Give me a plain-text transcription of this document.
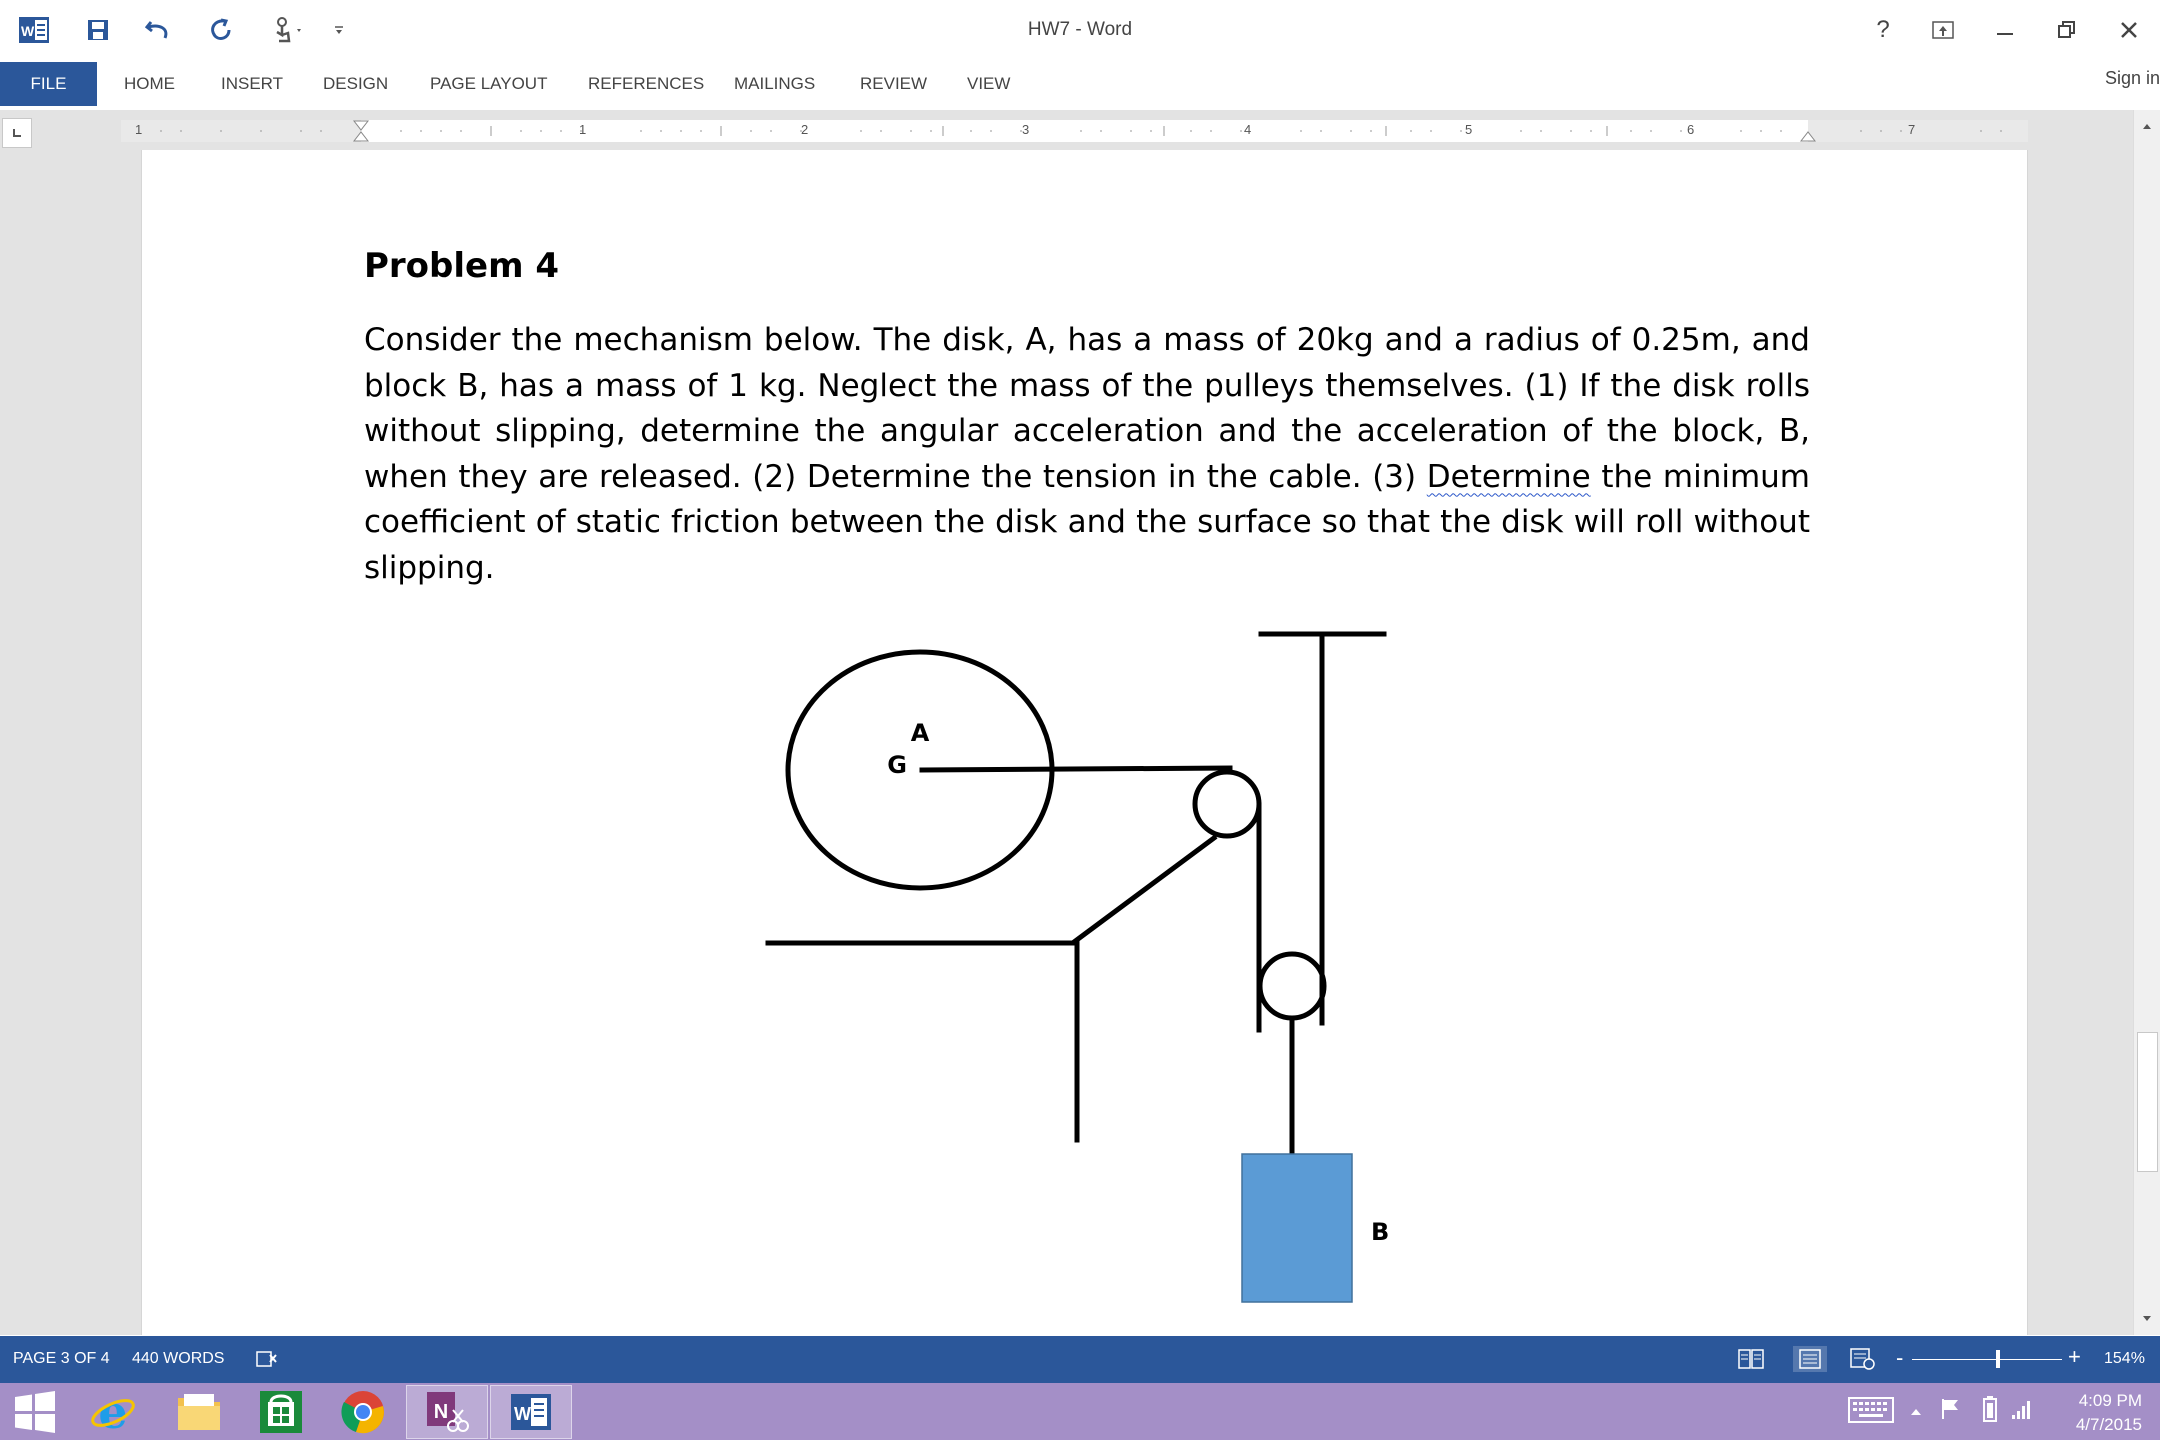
W	HW7 - Word	?
FILE	HOME	INSERT DESIGN PAGE LAYOUT REFERENCES MAILINGS	REVIEW VIEW	Sign in
1	1	2	3	4	5	6	7
Problem 4
Consider the mechanism below. The disk, A, has a mass of 20kg and a radius of 0.25m, and block B, has a mass of 1 kg. Neglect the mass of the pulleys themselves. (1) If the disk rolls without slipping, determine the angular acceleration and the acceleration of the block, B, when they are released. (2) Determine the tension in the cable. (3) Determine the minimum coefficient of static friction between the disk and the surface so that the disk will roll without slipping.
A
G
B
PAGE 3 OF 4 440 WORDS	-	+ 154%
e	N	W
4:09 PM
4/7/2015
